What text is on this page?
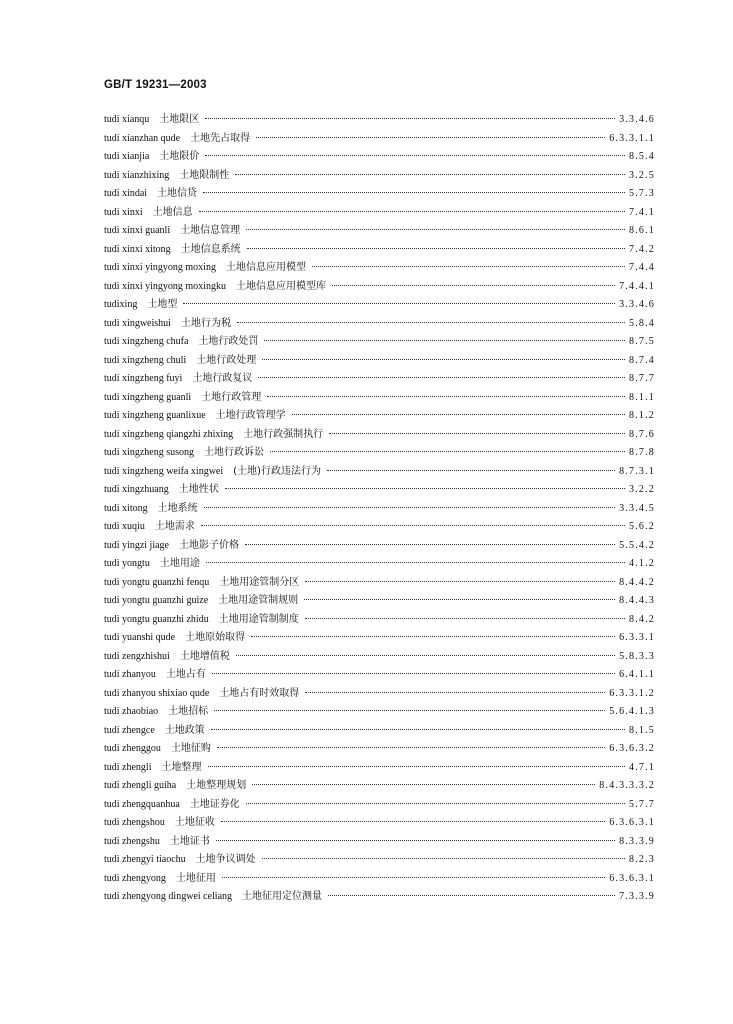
GB/T 19231—2003
tudi xianqu 土地限区	3.3.4.6
tudi xianzhan qude 土地先占取得	6.3.3.1.1
tudi xianjia 土地限价	8.5.4
tudi xianzhixing 土地限制性	3.2.5
tudi xindai 土地信贷	5.7.3
tudi xinxi 土地信息	7.4.1
tudi xinxi guanli 土地信息管理	8.6.1
tudi xinxi xitong 土地信息系统	7.4.2
tudi xinxi yingyong moxing 土地信息应用模型	7.4.4
tudi xinxi yingyong moxingku 土地信息应用模型库	7.4.4.1
tudixing 土地型	3.3.4.6
tudi xingweishui 土地行为税	5.8.4
tudi xingzheng chufa 土地行政处罚	8.7.5
tudi xingzheng chuli 土地行政处理	8.7.4
tudi xingzheng fuyi 土地行政复议	8.7.7
tudi xingzheng guanli 土地行政管理	8.1.1
tudi xingzheng guanlixue 土地行政管理学	8.1.2
tudi xingzheng qiangzhi zhixing 土地行政强制执行	8.7.6
tudi xingzheng susong 土地行政诉讼	8.7.8
tudi xingzheng weifa xingwei (土地)行政违法行为	8.7.3.1
tudi xingzhuang 土地性状	3.2.2
tudi xitong 土地系统	3.3.4.5
tudi xuqiu 土地需求	5.6.2
tudi yingzi jiage 土地影子价格	5.5.4.2
tudi yongtu 土地用途	4.1.2
tudi yongtu guanzhi fenqu 土地用途管制分区	8.4.4.2
tudi yongtu guanzhi guize 土地用途管制规则	8.4.4.3
tudi yongtu guanzhi zhidu 土地用途管制制度	8.4.2
tudi yuanshi qude 土地原始取得	6.3.3.1
tudi zengzhishui 土地增值税	5.8.3.3
tudi zhanyou 土地占有	6.4.1.1
tudi zhanyou shixiao qude 土地占有时效取得	6.3.3.1.2
tudi zhaobiao 土地招标	5.6.4.1.3
tudi zhengce 土地政策	8.1.5
tudi zhenggou 土地征购	6.3.6.3.2
tudi zhengli 土地整理	4.7.1
tudi zhengli guiha 土地整理规划	8.4.3.3.3.2
tudi zhengquanhua 土地证券化	5.7.7
tudi zhengshou 土地征收	6.3.6.3.1
tudi zhengshu 土地证书	8.3.3.9
tudi zhengyi tiaochu 土地争议调处	8.2.3
tudi zhengyong 土地征用	6.3.6.3.1
tudi zhengyong dingwei celiang 土地征用定位测量	7.3.3.9
